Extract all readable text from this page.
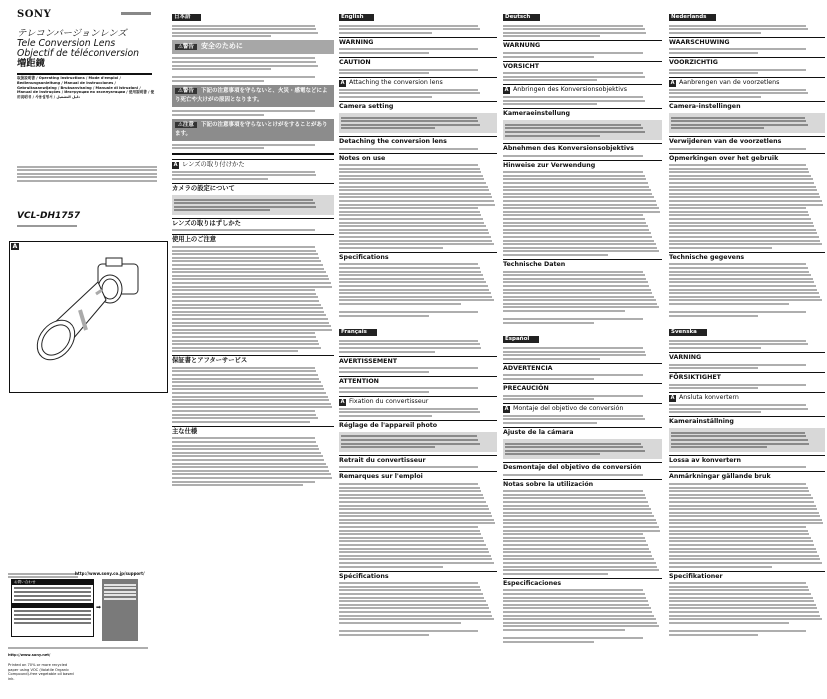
SONY
テレコンバージョンレンズ
Tele Conversion Lens
Objectif de téléconversion
増距鏡
取扱説明書 / Operating Instructions / Mode d'emploi / Bedienungsanleitung / Manual de instrucciones / Gebruiksaanwijzing / Bruksanvisning / Manuale di istruzioni / Manual de instruções / Инструкция по эксплуатации / 使用說明書 / 使用说明书 / 사용설명서 / دليل التشغيل
VCL-DH1757
A
http://www.sony.co.jp/support/
お問い合わせ
➡
http://www.sony.net/
Printed on 70% or more recycled paper using VOC (Volatile Organic Compound)-free vegetable oil based ink.
日本語

⚠警告 安全のために
⚠警告 下記の注意事項を守らないと、火災・感電などにより死亡や大けがの原因となります。
⚠注意 下記の注意事項を守らないとけがをすることがあります。
A レンズの取り付けかた
カメラの設定について
レンズの取りはずしかた
使用上のご注意
保証書とアフターサービス
主な仕様
English

WARNING
CAUTION
A Attaching the conversion lens
Camera setting
Detaching the conversion lens
Notes on use
Specifications
Français

AVERTISSEMENT
ATTENTION
A Fixation du convertisseur
Réglage de l'appareil photo
Retrait du convertisseur
Remarques sur l'emploi
Spécifications
Deutsch

WARNUNG
VORSICHT
A Anbringen des Konversionsobjektivs
Kameraeinstellung
Abnehmen des Konversionsobjektivs
Hinweise zur Verwendung
Technische Daten
Español

ADVERTENCIA
PRECAUCIÓN
A Montaje del objetivo de conversión
Ajuste de la cámara
Desmontaje del objetivo de conversión
Notas sobre la utilización
Especificaciones
Nederlands

WAARSCHUWING
VOORZICHTIG
A Aanbrengen van de voorzetlens
Camera-instellingen
Verwijderen van de voorzetlens
Opmerkingen over het gebruik
Technische gegevens
Svenska

VARNING
FÖRSIKTIGHET
A Ansluta konvertern
Kamerainställning
Lossa av konvertern
Anmärkningar gällande bruk
Specifikationer
